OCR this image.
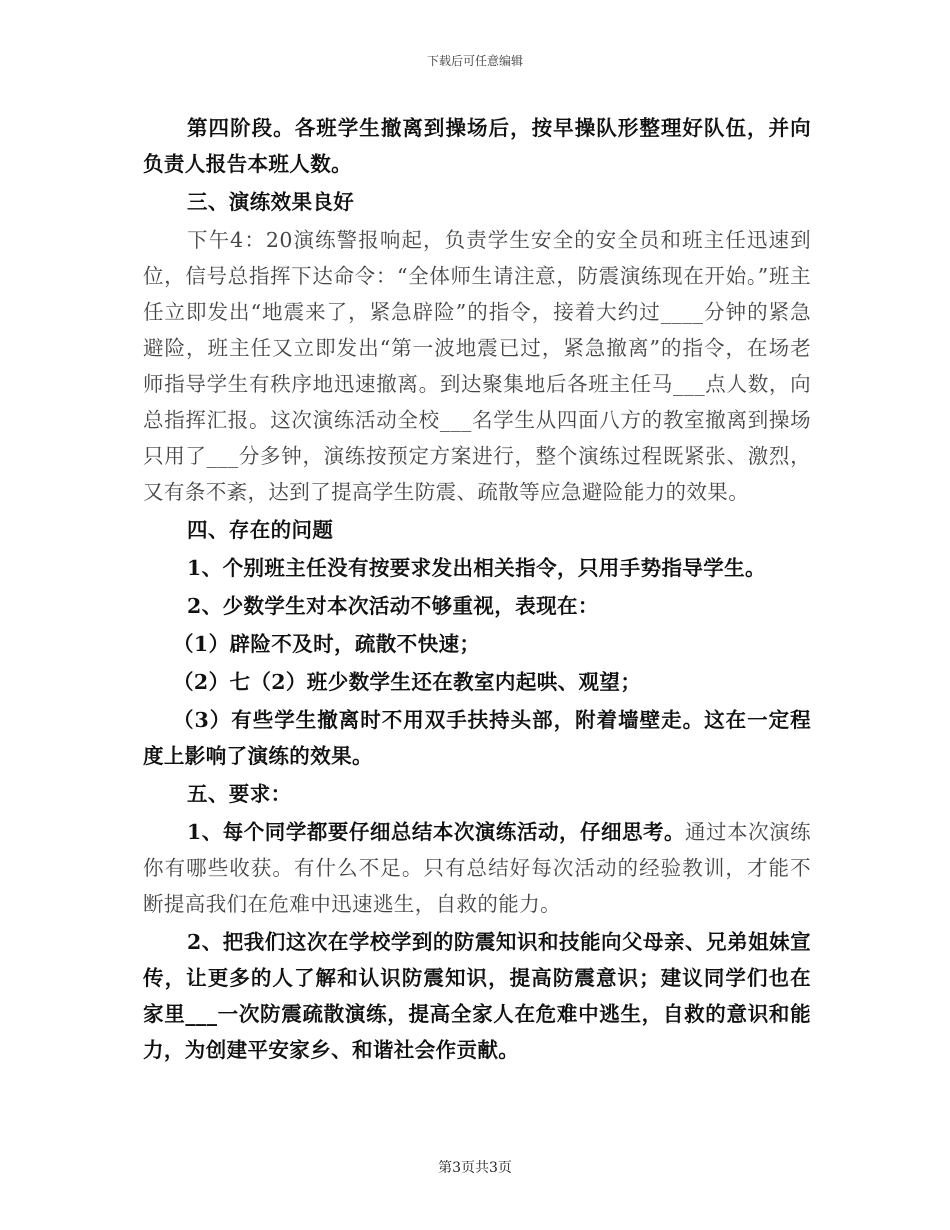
下载后可任意编辑

第四阶段。各班学生撤离到操场后，按早操队形整理好队伍，并向负责人报告本班人数。

三、演练效果良好

下午4：20演练警报响起，负责学生安全的安全员和班主任迅速到位，信号总指挥下达命令：“全体师生请注意，防震演练现在开始。”班主任立即发出“地震来了，紧急辟险”的指令，接着大约过____分钟的紧急避险，班主任又立即发出“第一波地震已过，紧急撤离”的指令，在场老师指导学生有秩序地迅速撤离。到达聚集地后各班主任马___点人数，向总指挥汇报。这次演练活动全校___名学生从四面八方的教室撤离到操场只用了___分多钟，演练按预定方案进行，整个演练过程既紧张、激烈，又有条不紊，达到了提高学生防震、疏散等应急避险能力的效果。

四、存在的问题

1、个别班主任没有按要求发出相关指令，只用手势指导学生。

2、少数学生对本次活动不够重视，表现在：

（1）辟险不及时，疏散不快速；

（2）七（2）班少数学生还在教室内起哄、观望；

（3）有些学生撤离时不用双手扶持头部，附着墙壁走。这在一定程度上影响了演练的效果。

五、要求：

1、每个同学都要仔细总结本次演练活动，仔细思考。通过本次演练你有哪些收获。有什么不足。只有总结好每次活动的经验教训，才能不断提高我们在危难中迅速逃生，自救的能力。

2、把我们这次在学校学到的防震知识和技能向父母亲、兄弟姐妹宣传，让更多的人了解和认识防震知识，提高防震意识；建议同学们也在家里___一次防震疏散演练，提高全家人在危难中逃生，自救的意识和能力，为创建平安家乡、和谐社会作贡献。

第3页共3页
